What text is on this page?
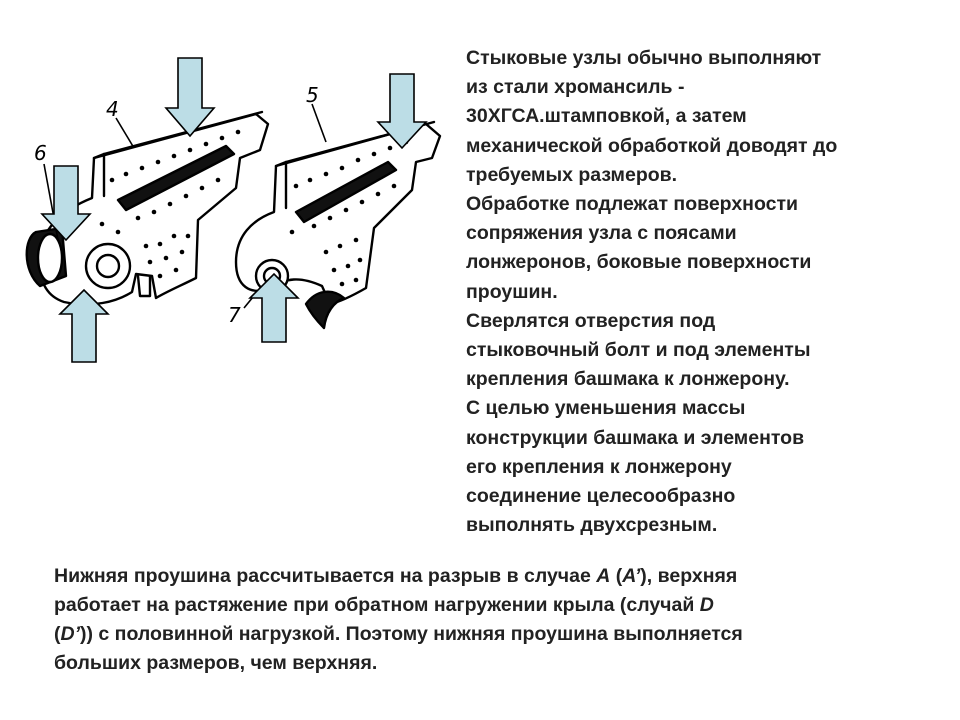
4
5
6
7
Стыковые узлы обычно выполняют
из стали хромансиль -
30ХГСА.штамповкой, а затем
механической обработкой доводят до
требуемых размеров.
Обработке подлежат поверхности
сопряжения узла с поясами
лонжеронов, боковые поверхности
проушин.
Сверлятся отверстия под
стыковочный болт и под элементы
крепления башмака к лонжерону.
С целью уменьшения массы
конструкции башмака и элементов
его крепления к лонжерону
соединение целесообразно
выполнять двухсрезным.
Нижняя проушина рассчитывается на разрыв в случае А (А’), верхняя
работает на растяжение при обратном нагружении крыла (случай D
(D’)) с половинной нагрузкой. Поэтому нижняя проушина выполняется
больших размеров, чем верхняя.
